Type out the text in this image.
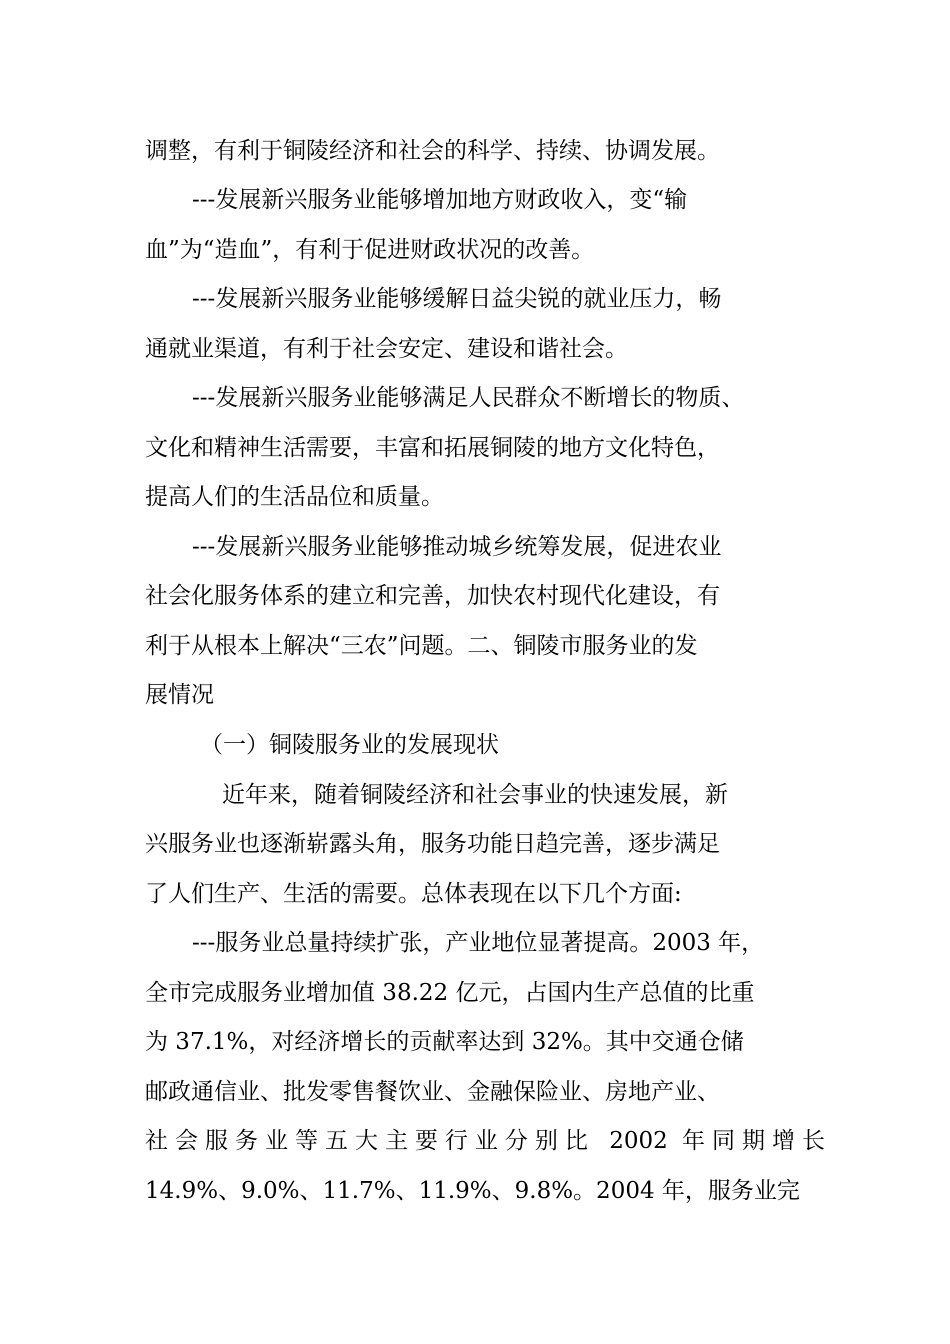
调整，有利于铜陵经济和社会的科学、持续、协调发展。
---发展新兴服务业能够增加地方财政收入，变“输
血”为“造血”，有利于促进财政状况的改善。
---发展新兴服务业能够缓解日益尖锐的就业压力，畅
通就业渠道，有利于社会安定、建设和谐社会。
---发展新兴服务业能够满足人民群众不断增长的物质、
文化和精神生活需要，丰富和拓展铜陵的地方文化特色，
提高人们的生活品位和质量。
---发展新兴服务业能够推动城乡统筹发展，促进农业
社会化服务体系的建立和完善，加快农村现代化建设，有
利于从根本上解决“三农”问题。二、铜陵市服务业的发
展情况
（一）铜陵服务业的发展现状
近年来，随着铜陵经济和社会事业的快速发展，新
兴服务业也逐渐崭露头角，服务功能日趋完善，逐步满足
了人们生产、生活的需要。总体表现在以下几个方面:
---服务业总量持续扩张，产业地位显著提高。2003 年，
全市完成服务业增加值 38.22 亿元，占国内生产总值的比重
为 37.1%，对经济增长的贡献率达到 32%。其中交通仓储
邮政通信业、批发零售餐饮业、金融保险业、房地产业、
社会服务业等五大主要行业分别比 2002 年同期增长
14.9%、9.0%、11.7%、11.9%、9.8%。2004 年，服务业完
